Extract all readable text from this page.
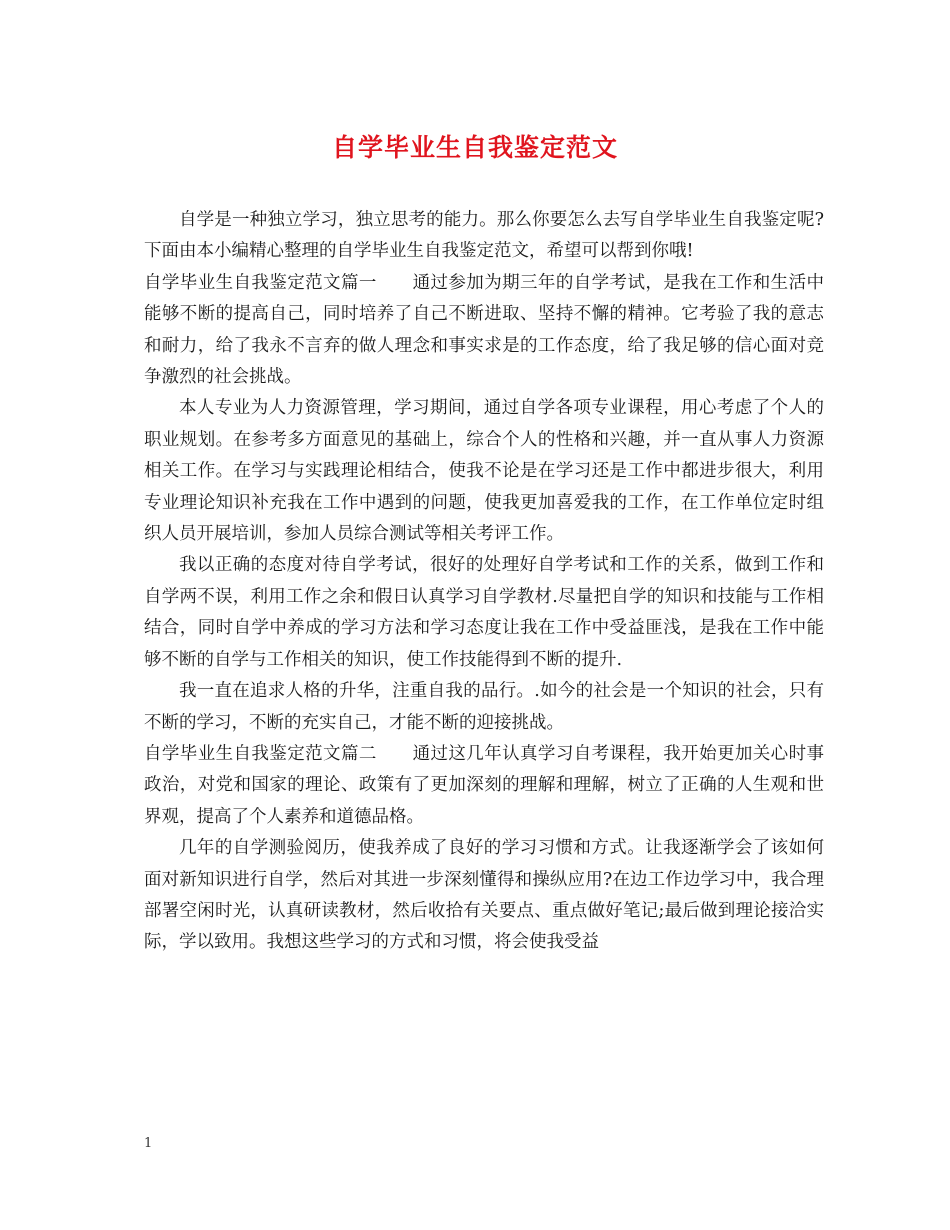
自学毕业生自我鉴定范文

自学是一种独立学习，独立思考的能力。那么你要怎么去写自学毕业生自我鉴定呢?下面由本小编精心整理的自学毕业生自我鉴定范文，希望可以帮到你哦!

自学毕业生自我鉴定范文篇一　　通过参加为期三年的自学考试，是我在工作和生活中能够不断的提高自己，同时培养了自己不断进取、坚持不懈的精神。它考验了我的意志和耐力，给了我永不言弃的做人理念和事实求是的工作态度，给了我足够的信心面对竞争激烈的社会挑战。

本人专业为人力资源管理，学习期间，通过自学各项专业课程，用心考虑了个人的职业规划。在参考多方面意见的基础上，综合个人的性格和兴趣，并一直从事人力资源相关工作。在学习与实践理论相结合，使我不论是在学习还是工作中都进步很大，利用专业理论知识补充我在工作中遇到的问题，使我更加喜爱我的工作，在工作单位定时组织人员开展培训，参加人员综合测试等相关考评工作。

我以正确的态度对待自学考试，很好的处理好自学考试和工作的关系，做到工作和自学两不误，利用工作之余和假日认真学习自学教材.尽量把自学的知识和技能与工作相结合，同时自学中养成的学习方法和学习态度让我在工作中受益匪浅，是我在工作中能够不断的自学与工作相关的知识，使工作技能得到不断的提升.

我一直在追求人格的升华，注重自我的品行。.如今的社会是一个知识的社会，只有不断的学习，不断的充实自己，才能不断的迎接挑战。

自学毕业生自我鉴定范文篇二　　通过这几年认真学习自考课程，我开始更加关心时事政治，对党和国家的理论、政策有了更加深刻的理解和理解，树立了正确的人生观和世界观，提高了个人素养和道德品格。

几年的自学测验阅历，使我养成了良好的学习习惯和方式。让我逐渐学会了该如何面对新知识进行自学，然后对其进一步深刻懂得和操纵应用?在边工作边学习中，我合理部署空闲时光，认真研读教材，然后收拾有关要点、重点做好笔记;最后做到理论接洽实际，学以致用。我想这些学习的方式和习惯，将会使我受益

1
